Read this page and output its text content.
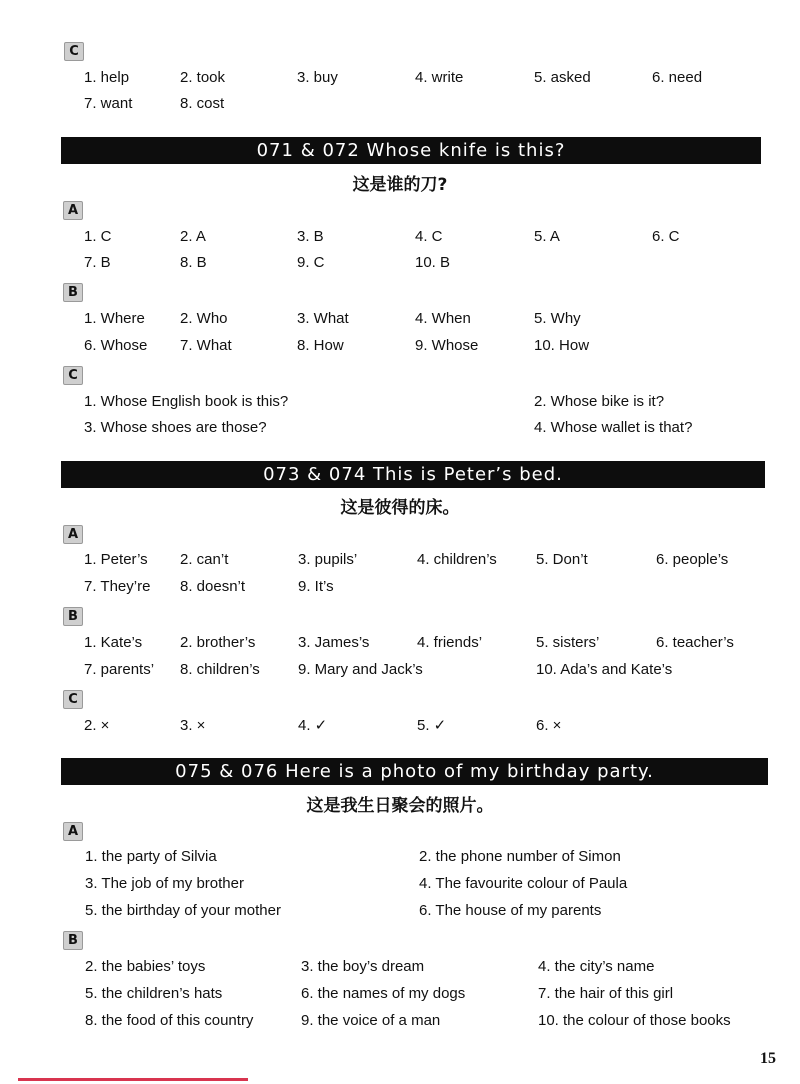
C
1. help	2. took	3. buy	4. write	5. asked	6. need
7. want	8. cost
071 & 072 Whose knife is this?
这是谁的刀?
A
1. C	2. A	3. B	4. C	5. A	6. C
7. B	8. B	9. C	10. B
B
1. Where 2. Who	3. What	4. When	5. Why
6. Whose 7. What	8. How	9. Whose	10. How
C
1. Whose English book is this?	2. Whose bike is it?
3. Whose shoes are those?	4. Whose wallet is that?
073 & 074 This is Peter’s bed.
这是彼得的床。
A
1. Peter’s 2. can’t	3. pupils’	4. children’s	5. Don’t	6. people’s
7. They’re 8. doesn’t	9. It’s
B
1. Kate’s	2. brother’s	3. James’s	4. friends’	5. sisters’	6. teacher’s
7. parents’ 8. children’s	9. Mary and Jack’s	10. Ada’s and Kate’s
C
2. ×	3. ×	4. ✓	5. ✓	6. ×
075 & 076 Here is a photo of my birthday party.
这是我生日聚会的照片。
A
1. the party of Silvia	2. the phone number of Simon
3. The job of my brother	4. The favourite colour of Paula
5. the birthday of your mother	6. The house of my parents
B
2. the babies’ toys	3. the boy’s dream	4. the city’s name
5. the children’s hats	6. the names of my dogs	7. the hair of this girl
8. the food of this country	9. the voice of a man	10. the colour of those books
15
